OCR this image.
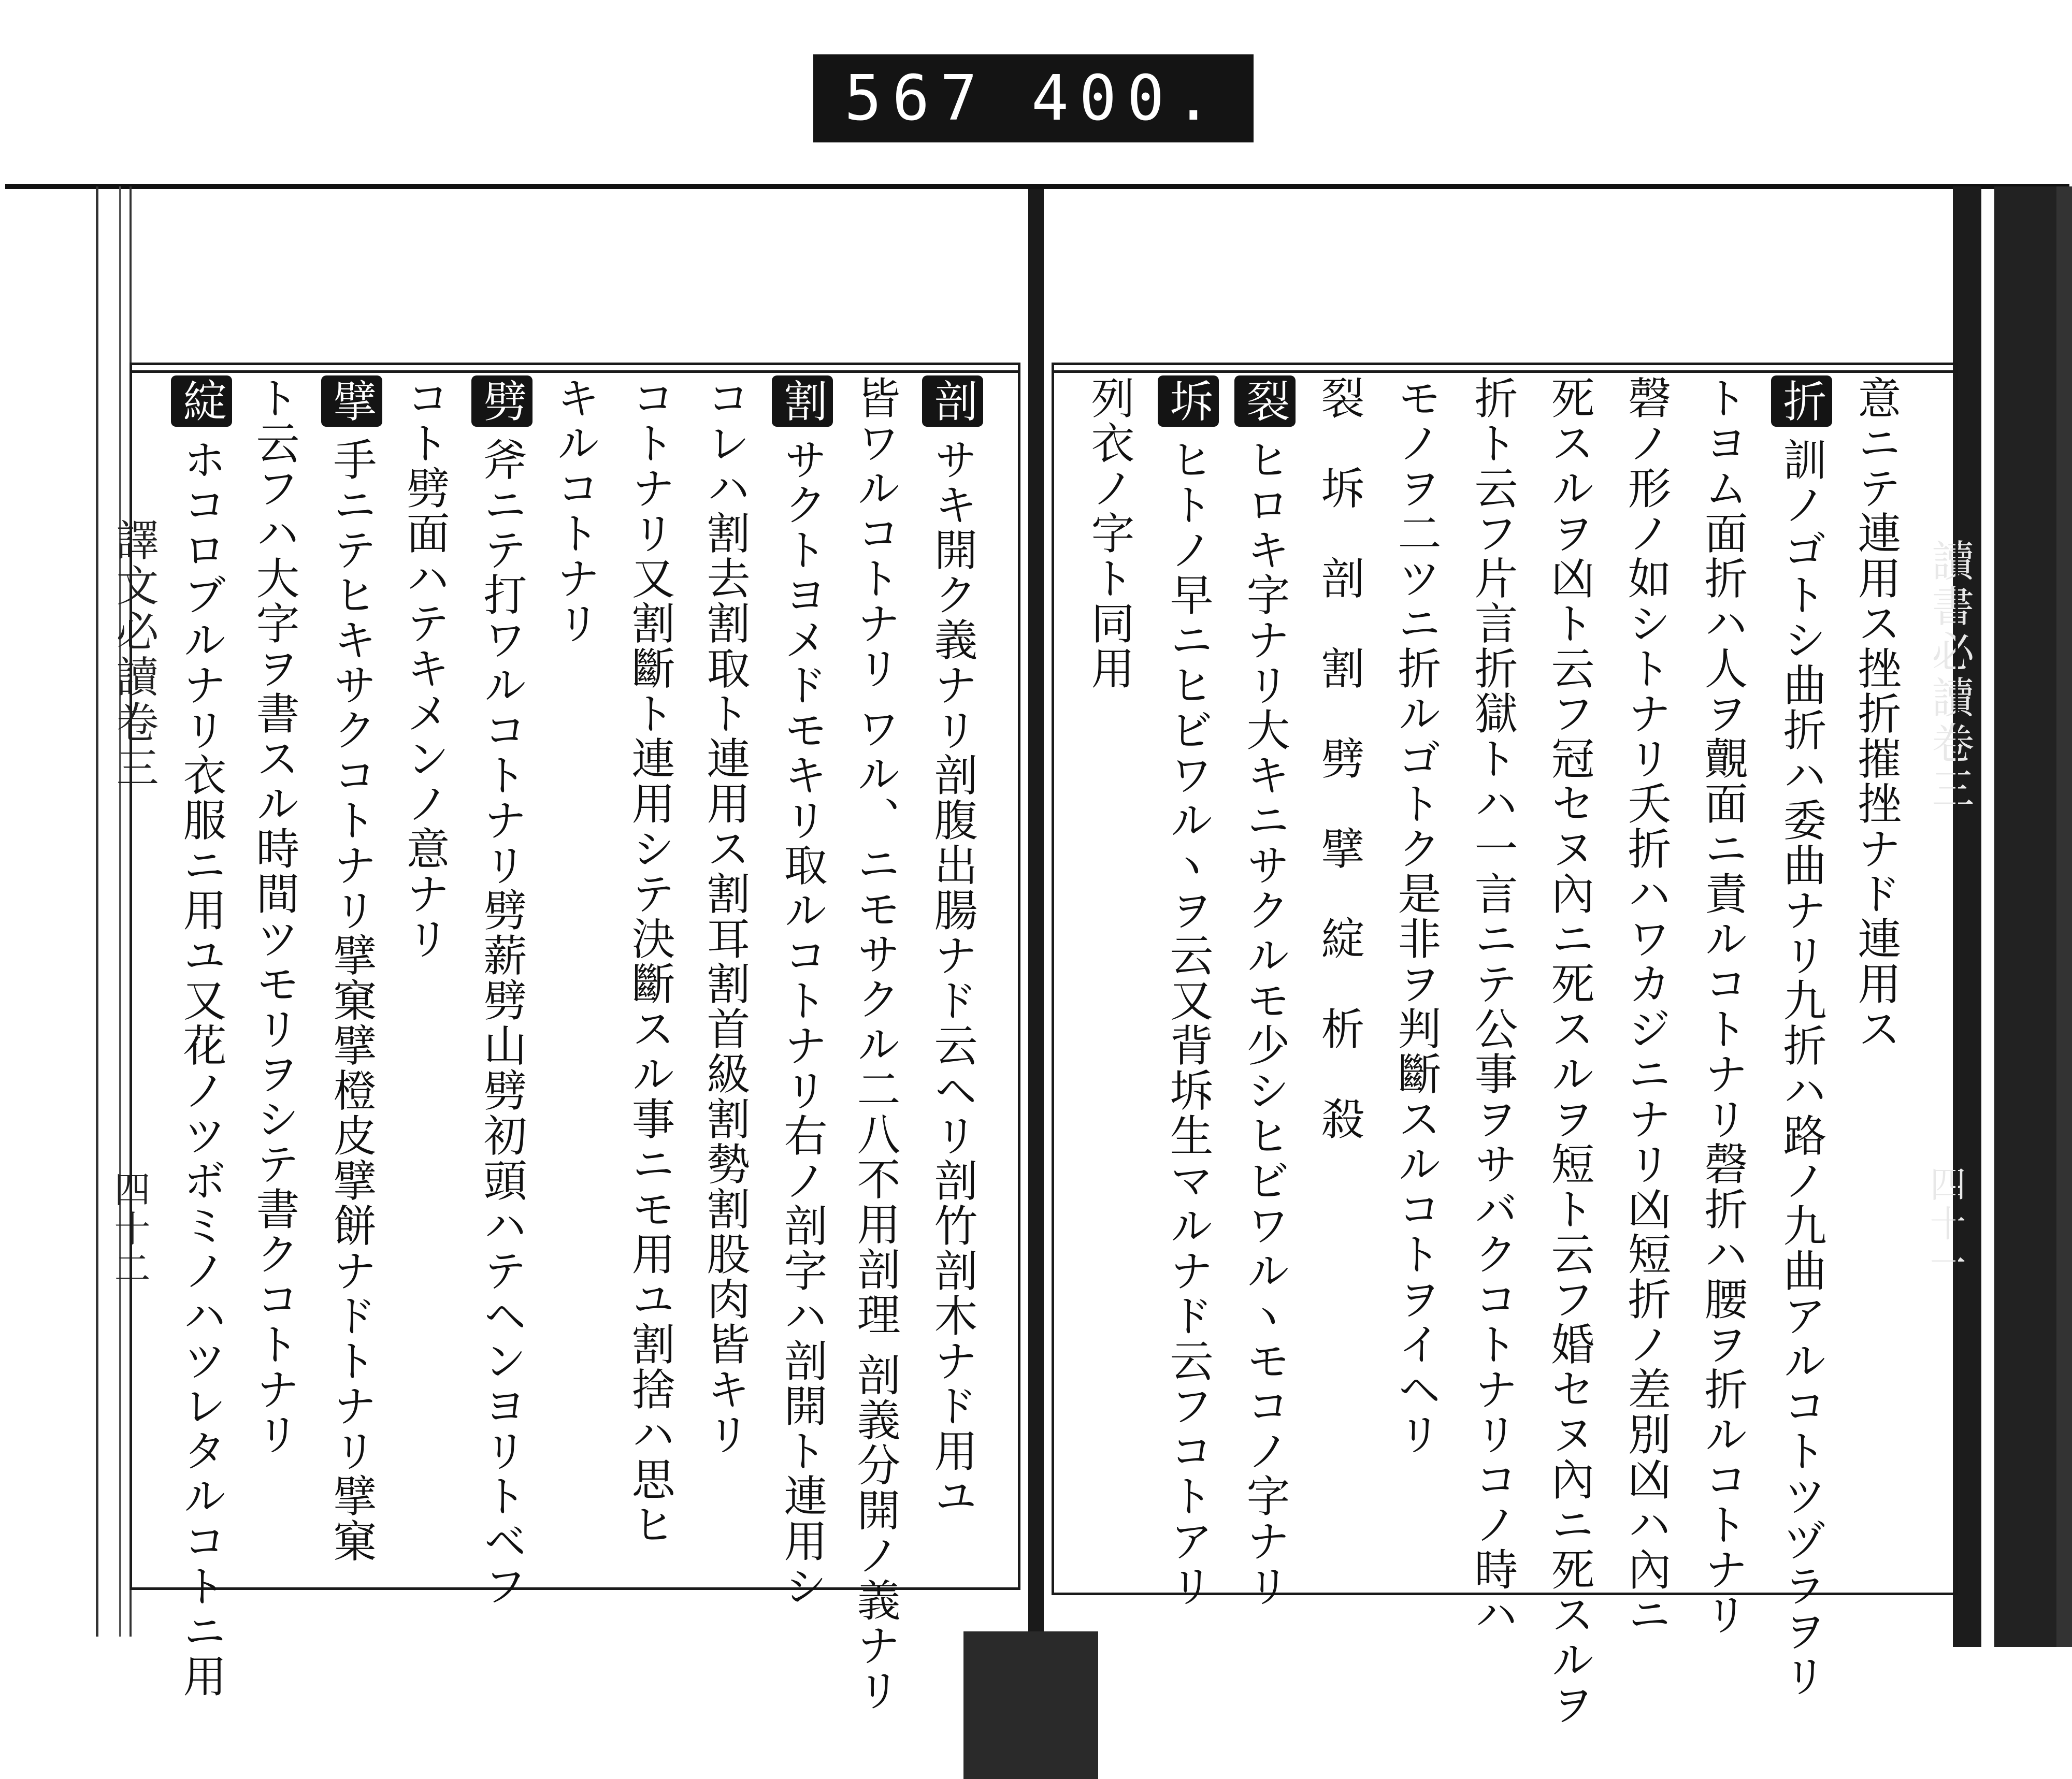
567 400.
譯文必讀卷三
四十二
讀書必讀卷三
四十一
剖サキ開ク義ナリ剖腹出腸ナド云ヘリ剖竹剖木ナド用ユ
皆ワルコトナリ ワル、ニモサクル二八不用剖理 剖義分開ノ義ナリ
割サクトヨメドモキリ取ルコトナリ右ノ剖字ハ剖開ト連用シ
コレハ割去割取ト連用ス割耳割首級割勢割股肉皆キリ
コトナリ又割斷ト連用シテ決斷スル事ニモ用ユ割捨ハ思ヒ
キルコトナリ
劈斧ニテ打ワルコトナリ劈薪劈山劈初頭ハテヘンヨリトベフ
コト劈面ハテキメンノ意ナリ
擘手ニテヒキサクコトナリ擘窠擘橙皮擘餅ナドトナリ擘窠
ト云フハ大字ヲ書スル時間ツモリヲシテ書クコトナリ
綻ホコロブルナリ衣服ニ用ユ又花ノツボミノハツレタルコトニ用	意ニテ連用ス挫折摧挫ナド連用ス
折訓ノゴトシ曲折ハ委曲ナリ九折ハ路ノ九曲アルコトツヅラヲリ
トヨム面折ハ人ヲ覿面ニ責ルコトナリ磬折ハ腰ヲ折ルコトナリ
磬ノ形ノ如シトナリ夭折ハワカジニナリ凶短折ノ差別凶ハ內ニ
死スルヲ凶ト云フ冠セヌ內ニ死スルヲ短ト云フ婚セヌ內ニ死スルヲ
折ト云フ片言折獄トハ一言ニテ公事ヲサバクコトナリコノ時ハ
モノヲ二ツニ折ルゴトク是非ヲ判斷スルコトヲイヘリ
裂　坼　剖　割　劈　擘　綻　析　殺
裂ヒロキ字ナリ大キニサクルモ少シヒビワルヽモコノ字ナリ
坼ヒトノ早ニヒビワルヽヲ云又背坼生マルナド云フコトアリ
列衣ノ字ト同用
